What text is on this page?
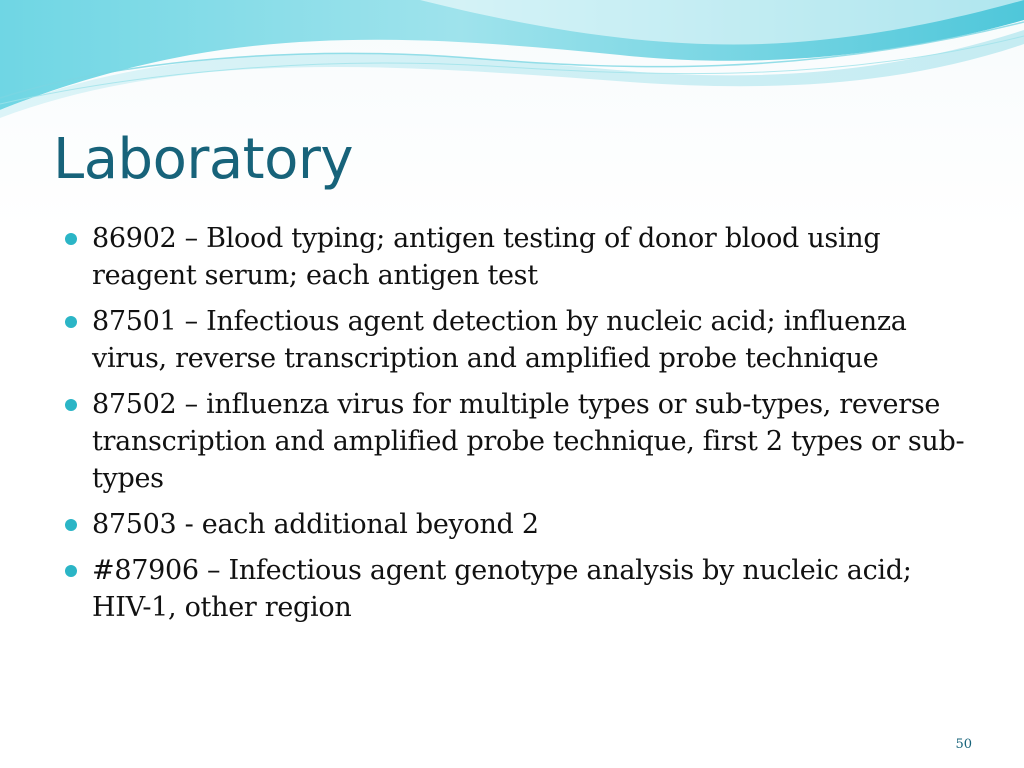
Laboratory
86902 – Blood typing; antigen testing of donor blood using reagent serum; each antigen test
87501 – Infectious agent detection by nucleic acid; influenza virus, reverse transcription and amplified probe technique
87502 – influenza virus for multiple types or sub-types, reverse transcription and amplified probe technique, first 2 types or sub-types
87503 - each additional beyond 2
#87906 – Infectious agent genotype analysis by nucleic acid; HIV-1, other region
50
